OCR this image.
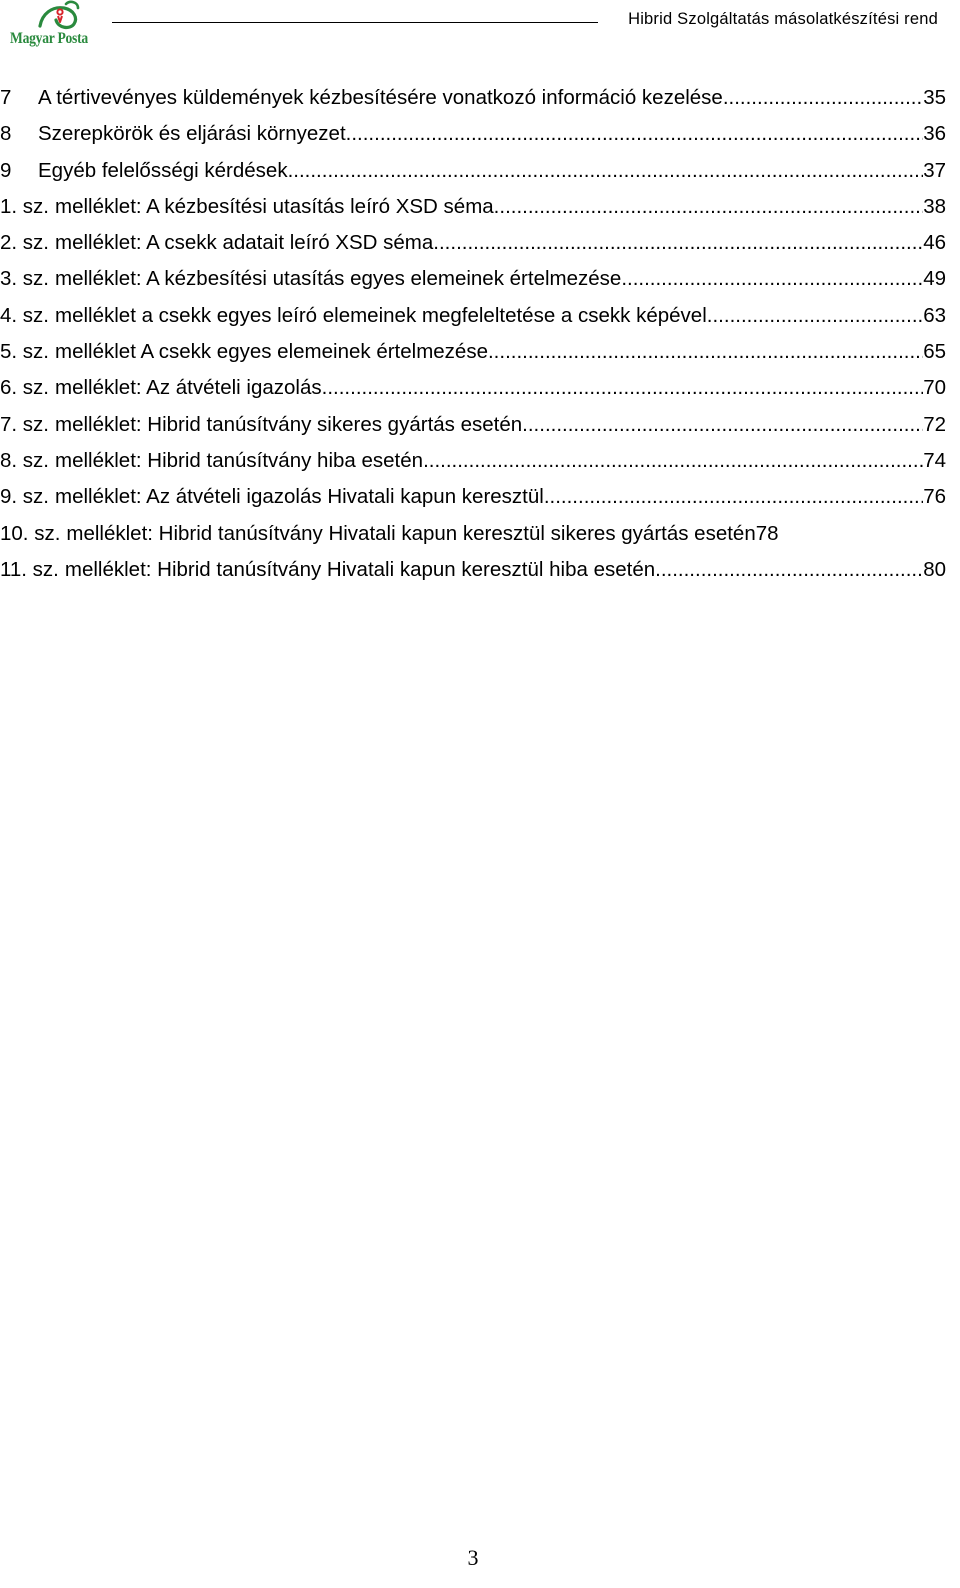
Magyar Posta
Hibrid Szolgáltatás másolatkészítési rend
7	A tértivevényes küldemények kézbesítésére vonatkozó információ kezelése .....	35
8	Szerepkörök és eljárási környezet .....	36
9	Egyéb felelősségi kérdések .....	37
1. sz. melléklet: A kézbesítési utasítás leíró XSD séma .....	38
2. sz. melléklet: A csekk adatait leíró XSD séma .....	46
3. sz. melléklet: A kézbesítési utasítás egyes elemeinek értelmezése .....	49
4. sz. melléklet a csekk egyes leíró elemeinek megfeleltetése a csekk képével .....	63
5. sz. melléklet A csekk egyes elemeinek értelmezése .....	65
6. sz. melléklet: Az átvételi igazolás .....	70
7. sz. melléklet: Hibrid tanúsítvány sikeres gyártás esetén .....	72
8. sz. melléklet: Hibrid tanúsítvány hiba esetén .....	74
9. sz. melléklet: Az átvételi igazolás Hivatali kapun keresztül .....	76
10. sz. melléklet: Hibrid tanúsítvány Hivatali kapun keresztül sikeres gyártás esetén 78
11. sz. melléklet: Hibrid tanúsítvány Hivatali kapun keresztül hiba esetén .....	80
3
